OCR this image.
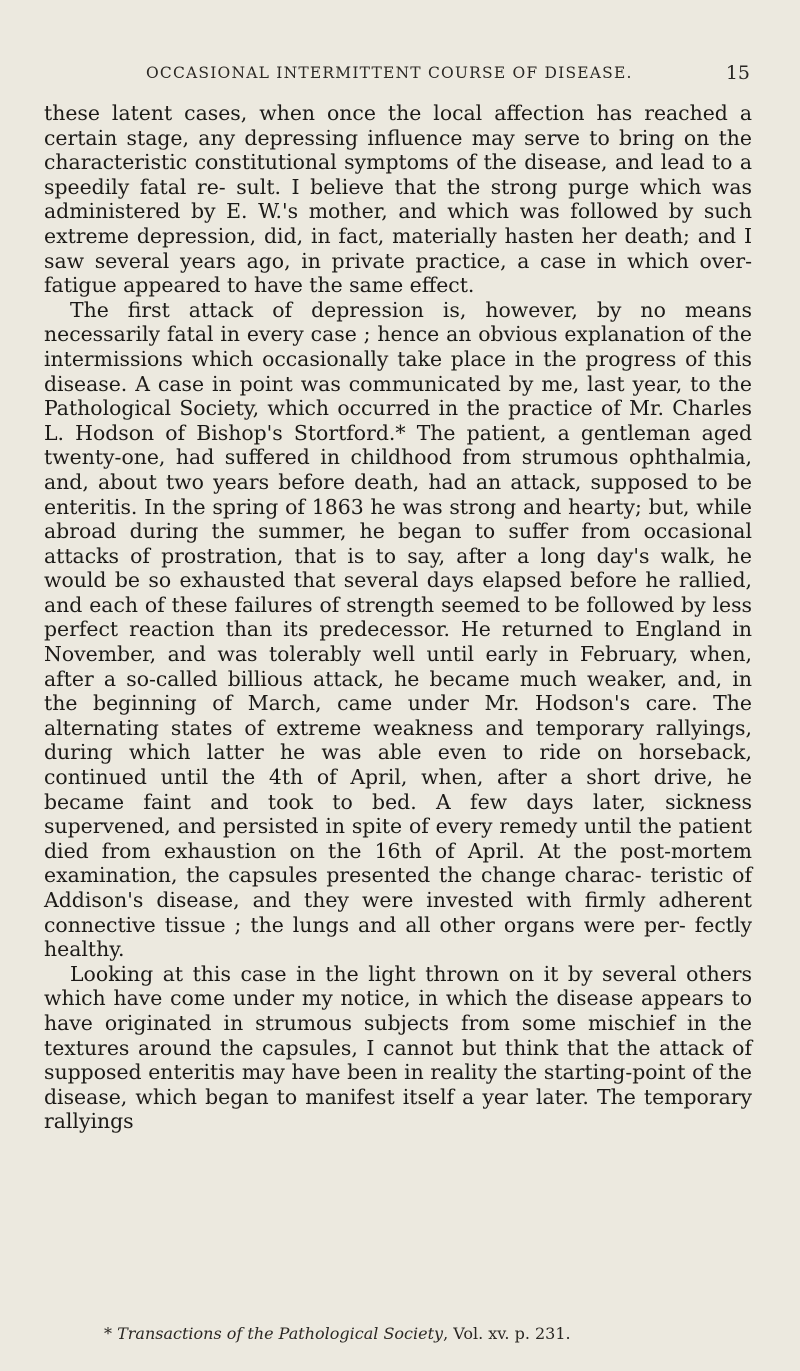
OCCASIONAL INTERMITTENT COURSE OF DISEASE.	15

these latent cases, when once the local affection has reached a certain stage, any depressing influence may serve to bring on the characteristic constitutional symptoms of the disease, and lead to a speedily fatal re- sult. I believe that the strong purge which was administered by E. W.'s mother, and which was followed by such extreme depression, did, in fact, materially hasten her death; and I saw several years ago, in private practice, a case in which over-fatigue appeared to have the same effect.

The first attack of depression is, however, by no means necessarily fatal in every case ; hence an obvious explanation of the intermissions which occasionally take place in the progress of this disease. A case in point was communicated by me, last year, to the Pathological Society, which occurred in the practice of Mr. Charles L. Hodson of Bishop's Stortford.* The patient, a gentleman aged twenty-one, had suffered in childhood from strumous ophthalmia, and, about two years before death, had an attack, supposed to be enteritis. In the spring of 1863 he was strong and hearty; but, while abroad during the summer, he began to suffer from occasional attacks of prostration, that is to say, after a long day's walk, he would be so exhausted that several days elapsed before he rallied, and each of these failures of strength seemed to be followed by less perfect reaction than its predecessor. He returned to England in November, and was tolerably well until early in February, when, after a so-called billious attack, he became much weaker, and, in the beginning of March, came under Mr. Hodson's care. The alternating states of extreme weakness and temporary rallyings, during which latter he was able even to ride on horseback, continued until the 4th of April, when, after a short drive, he became faint and took to bed. A few days later, sickness supervened, and persisted in spite of every remedy until the patient died from exhaustion on the 16th of April. At the post-mortem examination, the capsules presented the change charac- teristic of Addison's disease, and they were invested with firmly adherent connective tissue ; the lungs and all other organs were per- fectly healthy.

Looking at this case in the light thrown on it by several others which have come under my notice, in which the disease appears to have originated in strumous subjects from some mischief in the textures around the capsules, I cannot but think that the attack of supposed enteritis may have been in reality the starting-point of the disease, which began to manifest itself a year later. The temporary rallyings

* Transactions of the Pathological Society, Vol. xv. p. 231.
